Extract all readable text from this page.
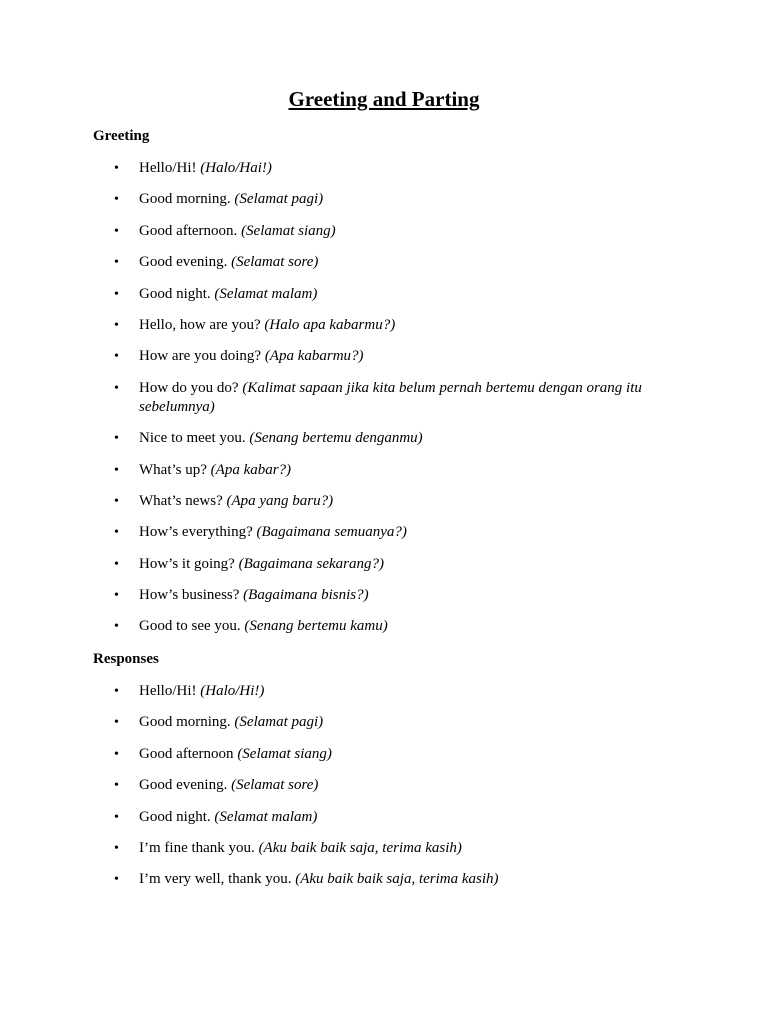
Greeting and Parting
Greeting
• Hello/Hi! (Halo/Hai!)
• Good morning. (Selamat pagi)
• Good afternoon. (Selamat siang)
• Good evening. (Selamat sore)
• Good night. (Selamat malam)
• Hello, how are you? (Halo apa kabarmu?)
• How are you doing? (Apa kabarmu?)
• How do you do? (Kalimat sapaan jika kita belum pernah bertemu dengan orang itu sebelumnya)
• Nice to meet you. (Senang bertemu denganmu)
• What’s up? (Apa kabar?)
• What’s news? (Apa yang baru?)
• How’s everything? (Bagaimana semuanya?)
• How’s it going? (Bagaimana sekarang?)
• How’s business? (Bagaimana bisnis?)
• Good to see you. (Senang bertemu kamu)
Responses
• Hello/Hi! (Halo/Hi!)
• Good morning. (Selamat pagi)
• Good afternoon (Selamat siang)
• Good evening. (Selamat sore)
• Good night. (Selamat malam)
• I’m fine thank you. (Aku baik baik saja, terima kasih)
• I’m very well, thank you. (Aku baik baik saja, terima kasih)
